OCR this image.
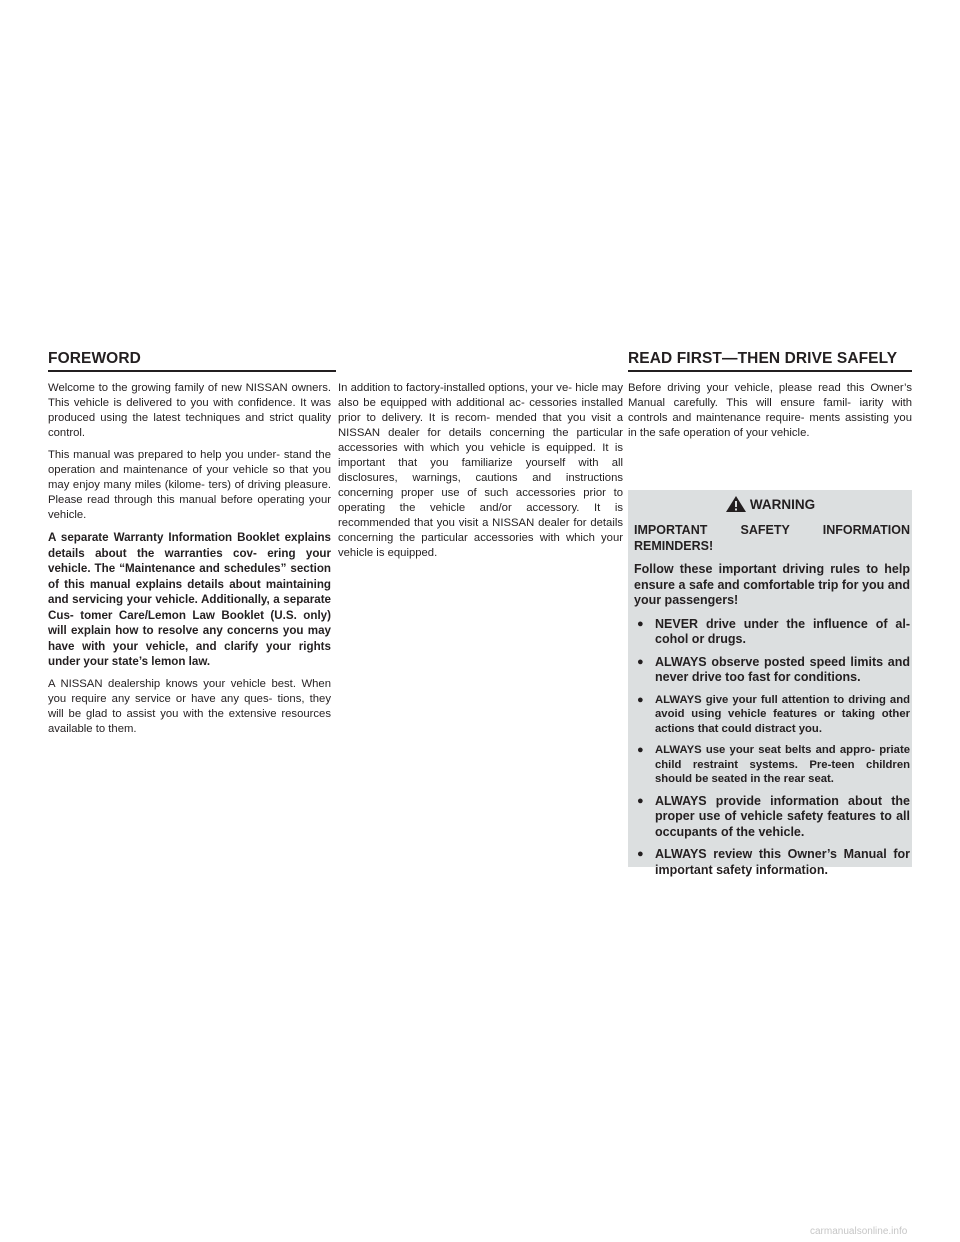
FOREWORD	READ FIRST—THEN DRIVE SAFELY

Welcome to the growing family of new NISSAN owners. This vehicle is delivered to you with confidence. It was produced using the latest techniques and strict quality control.

This manual was prepared to help you under- stand the operation and maintenance of your vehicle so that you may enjoy many miles (kilome- ters) of driving pleasure. Please read through this manual before operating your vehicle.

A separate Warranty Information Booklet explains details about the warranties cov- ering your vehicle. The “Maintenance and schedules” section of this manual explains details about maintaining and servicing your vehicle. Additionally, a separate Cus- tomer Care/Lemon Law Booklet (U.S. only) will explain how to resolve any concerns you may have with your vehicle, and clarify your rights under your state’s lemon law.

A NISSAN dealership knows your vehicle best. When you require any service or have any ques- tions, they will be glad to assist you with the extensive resources available to them.

In addition to factory-installed options, your ve- hicle may also be equipped with additional ac- cessories installed prior to delivery. It is recom- mended that you visit a NISSAN dealer for details concerning the particular accessories with which you vehicle is equipped. It is important that you familiarize yourself with all disclosures, warnings, cautions and instructions concerning proper use of such accessories prior to operating the vehicle and/or accessory. It is recommended that you visit a NISSAN dealer for details concerning the particular accessories with which your vehicle is equipped.

Before driving your vehicle, please read this Owner’s Manual carefully. This will ensure famil- iarity with controls and maintenance require- ments assisting you in the safe operation of your vehicle.

WARNING

IMPORTANT SAFETY INFORMATION REMINDERS!

Follow these important driving rules to help ensure a safe and comfortable trip for you and your passengers!

● NEVER drive under the influence of al- cohol or drugs.
● ALWAYS observe posted speed limits and never drive too fast for conditions.
● ALWAYS give your full attention to driving and avoid using vehicle features or taking other actions that could distract you.
● ALWAYS use your seat belts and appro- priate child restraint systems. Pre-teen children should be seated in the rear seat.
● ALWAYS provide information about the proper use of vehicle safety features to all occupants of the vehicle.
● ALWAYS review this Owner’s Manual for important safety information.
carmanualsonline.info
